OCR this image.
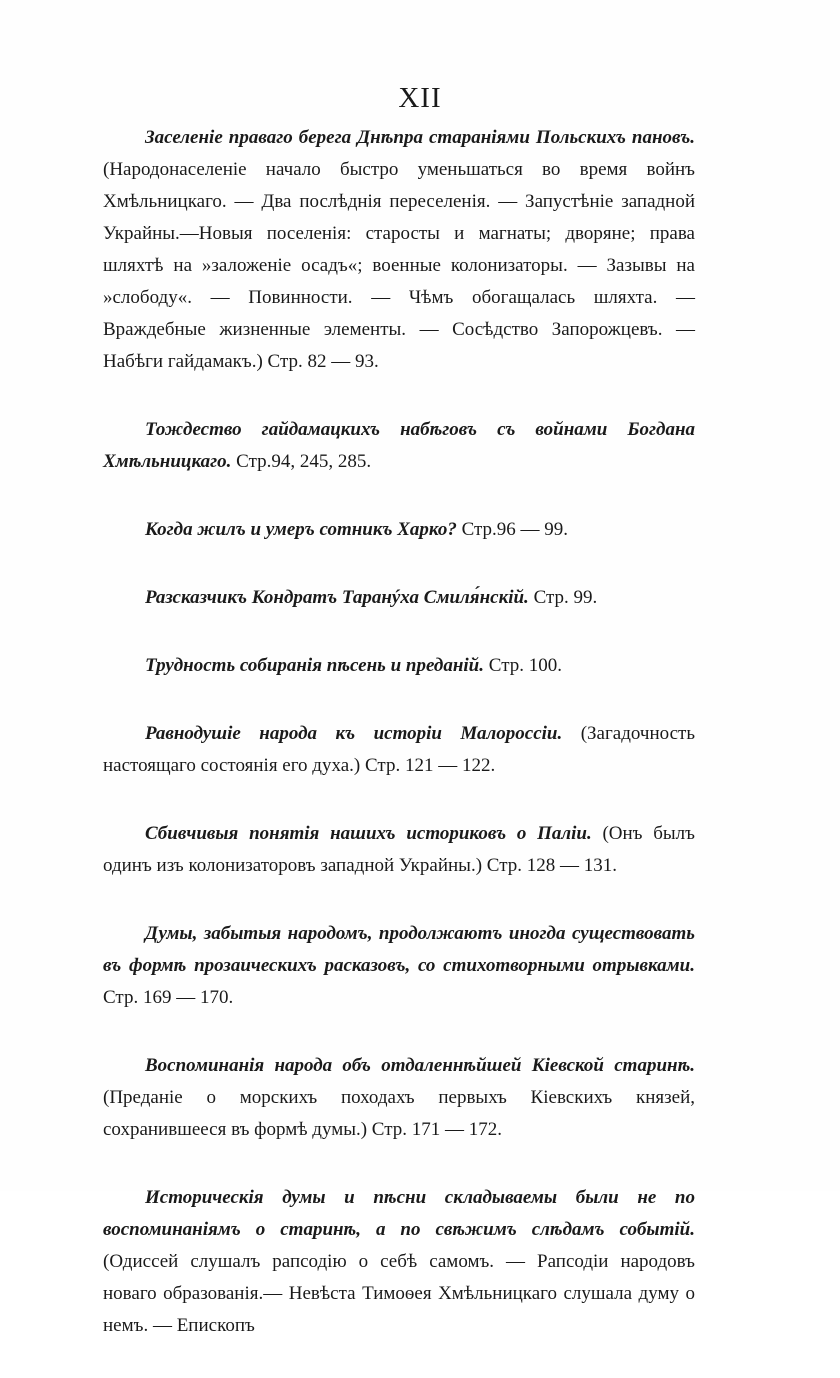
XII

Заселеніе праваго берега Днѣпра стараніями Польскихъ пановъ. (Народонаселеніе начало быстро уменьшаться во время войнъ Хмѣльницкаго. — Два послѣднія переселенія. — Запустѣніе западной Украйны.—Новыя поселенія: старосты и магнаты; дворяне; права шляхтѣ на »заложеніе осадъ«; военные колонизаторы. — Зазывы на »слободу«. — Повинности. — Чѣмъ обогащалась шляхта. — Враждебные жизненные элементы. — Сосѣдство Запорожцевъ. — Набѣги гайдамакъ.) Стр. 82 — 93.

Тождество гайдамацкихъ набѣговъ съ войнами Богдана Хмѣльницкаго. Стр.94, 245, 285.

Когда жилъ и умеръ сотникъ Харко? Стр.96 — 99.

Разсказчикъ Кондратъ Таранýха Смиля́нскій. Стр. 99.

Трудность собиранія пѣсень и преданій. Стр. 100.

Равнодушіе народа къ исторіи Малороссіи. (Загадочность настоящаго состоянія его духа.) Стр. 121 — 122.

Сбивчивыя понятія нашихъ историковъ о Паліи. (Онъ былъ одинъ изъ колонизаторовъ западной Украйны.) Стр. 128 — 131.

Думы, забытыя народомъ, продолжаютъ иногда существовать въ формѣ прозаическихъ расказовъ, со стихотворными отрывками. Стр. 169 — 170.

Воспоминанія народа объ отдаленнѣйшей Кіевской старинѣ. (Преданіе о морскихъ походахъ первыхъ Кіевскихъ князей, сохранившееся въ формѣ думы.) Стр. 171 — 172.

Историческія думы и пѣсни складываемы были не по воспоминаніямъ о старинѣ, а по свѣжимъ слѣдамъ событій. (Одиссей слушалъ рапсодію о себѣ самомъ. — Рапсодіи народовъ новаго образованія.— Невѣста Тимоѳея Хмѣльницкаго слушала думу о немъ. — Епископъ
